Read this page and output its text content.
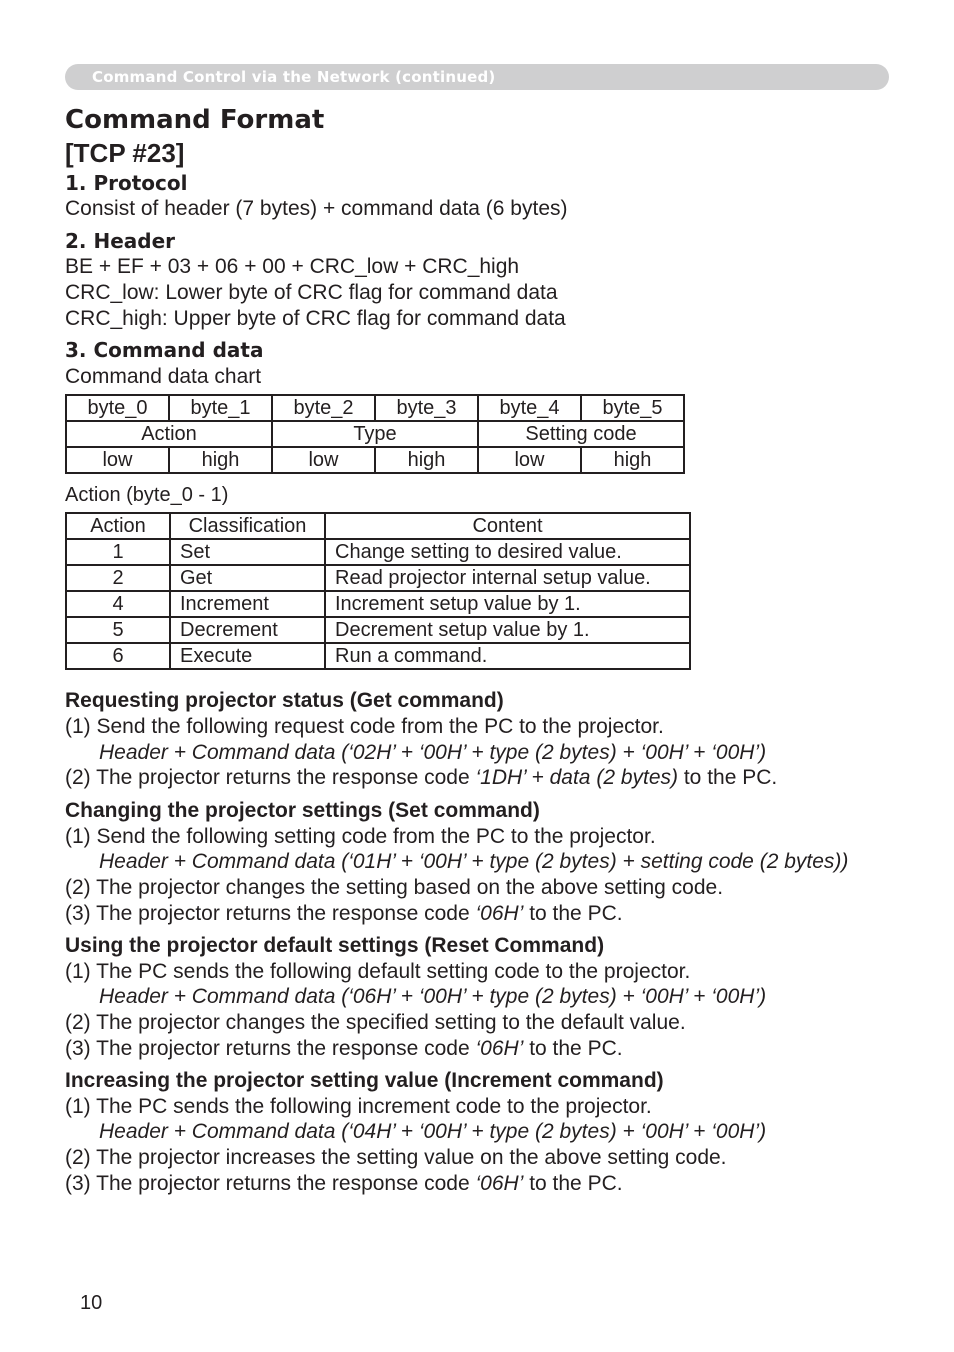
Command Control via the Network (continued)
Command Format
[TCP #23]
1. Protocol
Consist of header (7 bytes) + command data (6 bytes)
2. Header
BE + EF + 03 + 06 + 00 + CRC_low + CRC_high
CRC_low: Lower byte of CRC flag for command data
CRC_high: Upper byte of CRC flag for command data
3. Command data
Command data chart
byte_0	byte_1	byte_2	byte_3	byte_4	byte_5
Action		Type		Setting code	
low	high	low	high	low	high
Action (byte_0 - 1)
Action	Classification	Content
1	Set	Change setting to desired value.
2	Get	Read projector internal setup value.
4	Increment	Increment setup value by 1.
5	Decrement	Decrement setup value by 1.
6	Execute	Run a command.
Requesting projector status (Get command)
(1) Send the following request code from the PC to the projector.
Header + Command data (‘02H’ + ‘00H’ + type (2 bytes) + ‘00H’ + ‘00H’)
(2) The projector returns the response code ‘1DH’ + data (2 bytes) to the PC.
Changing the projector settings (Set command)
(1) Send the following setting code from the PC to the projector.
Header + Command data (‘01H’ + ‘00H’ + type (2 bytes) + setting code (2 bytes))
(2) The projector changes the setting based on the above setting code.
(3) The projector returns the response code ‘06H’ to the PC.
Using the projector default settings (Reset Command)
(1) The PC sends the following default setting code to the projector.
Header + Command data (‘06H’ + ‘00H’ + type (2 bytes) + ‘00H’ + ‘00H’)
(2) The projector changes the specified setting to the default value.
(3) The projector returns the response code ‘06H’ to the PC.
Increasing the projector setting value (Increment command)
(1) The PC sends the following increment code to the projector.
Header + Command data (‘04H’ + ‘00H’ + type (2 bytes) + ‘00H’ + ‘00H’)
(2) The projector increases the setting value on the above setting code.
(3) The projector returns the response code ‘06H’ to the PC.
10
